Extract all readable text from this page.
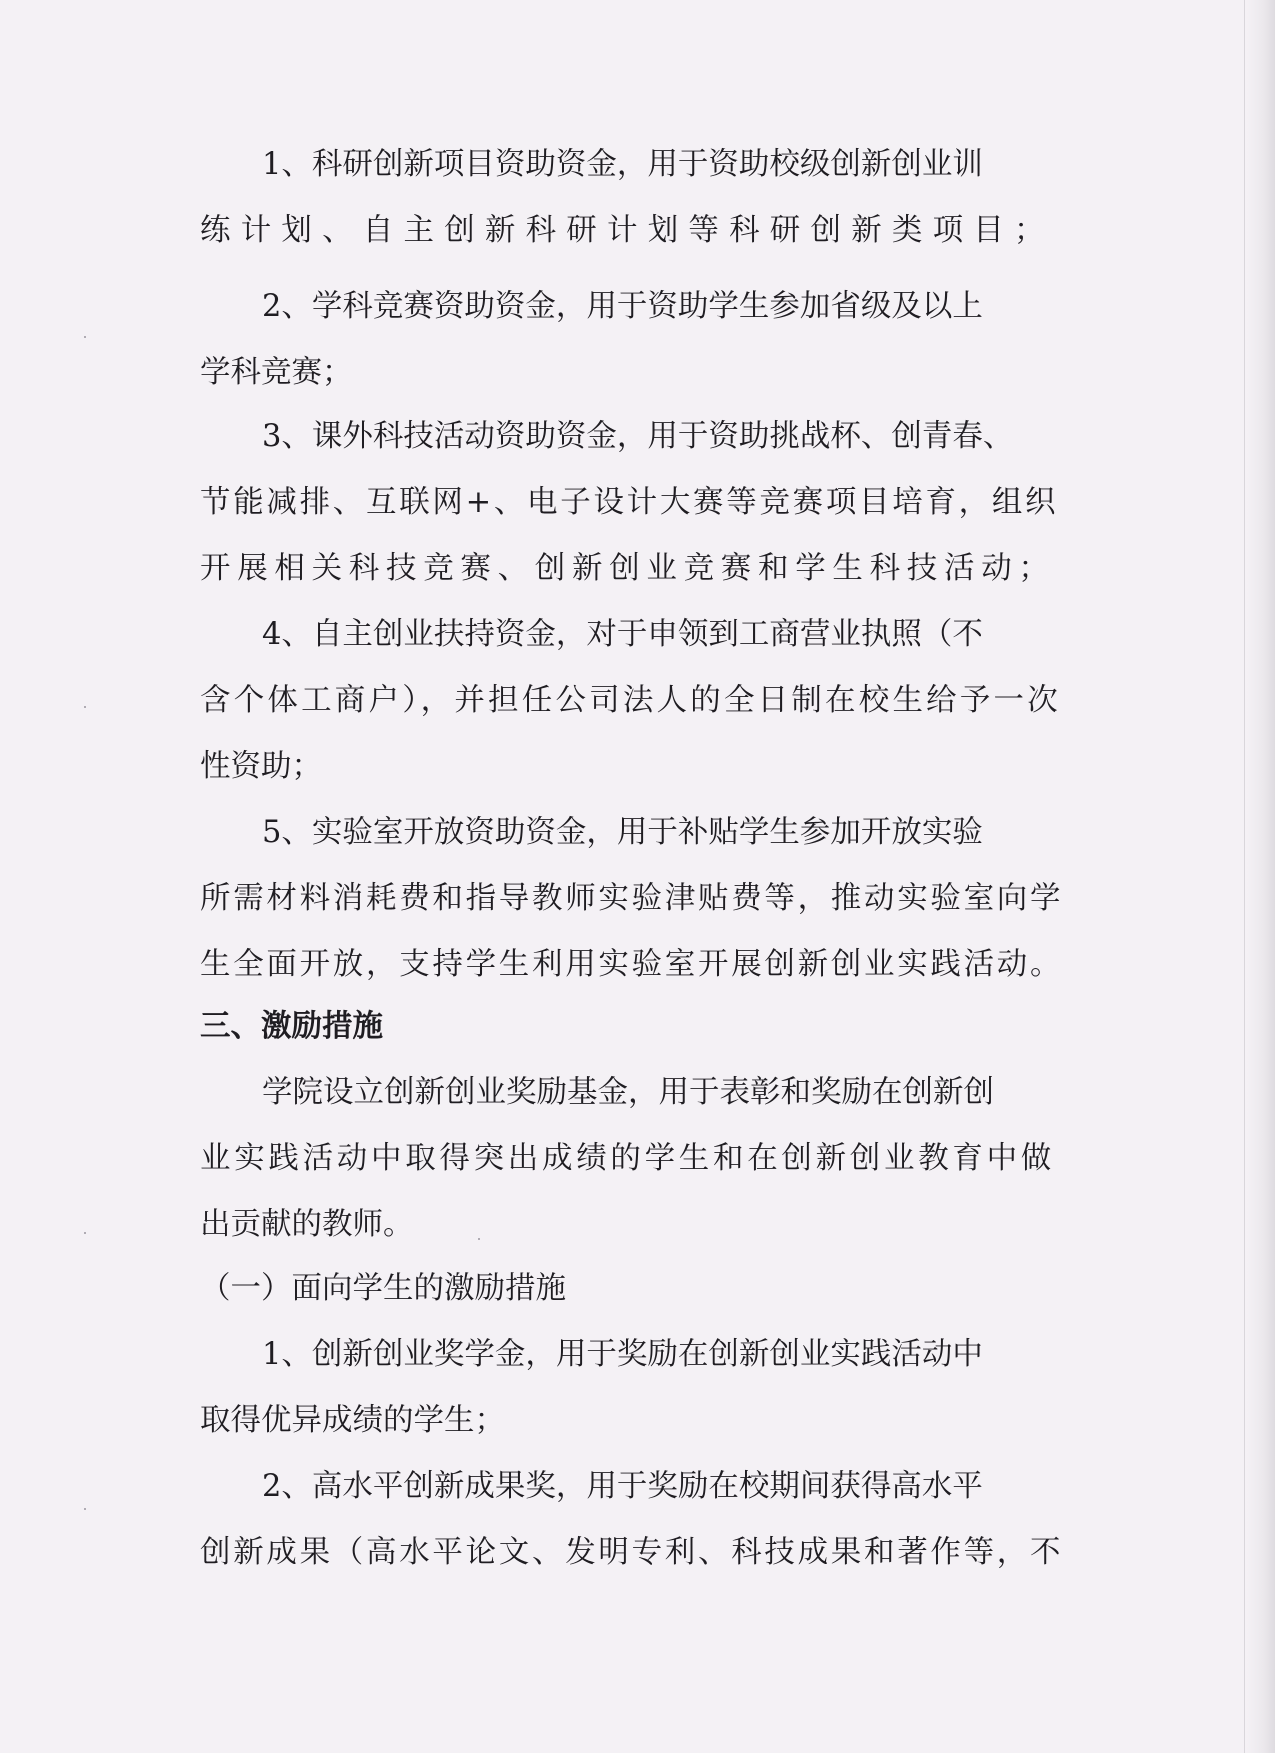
1、科研创新项目资助资金，用于资助校级创新创业训
练计划、自主创新科研计划等科研创新类项目；
2、学科竞赛资助资金，用于资助学生参加省级及以上
学科竞赛；
3、课外科技活动资助资金，用于资助挑战杯、创青春、
节能减排、互联网+、电子设计大赛等竞赛项目培育，组织
开展相关科技竞赛、创新创业竞赛和学生科技活动；
4、自主创业扶持资金，对于申领到工商营业执照（不
含个体工商户），并担任公司法人的全日制在校生给予一次
性资助；
5、实验室开放资助资金，用于补贴学生参加开放实验
所需材料消耗费和指导教师实验津贴费等，推动实验室向学
生全面开放，支持学生利用实验室开展创新创业实践活动。
三、激励措施
学院设立创新创业奖励基金，用于表彰和奖励在创新创
业实践活动中取得突出成绩的学生和在创新创业教育中做
出贡献的教师。
（一）面向学生的激励措施
1、创新创业奖学金，用于奖励在创新创业实践活动中
取得优异成绩的学生；
2、高水平创新成果奖，用于奖励在校期间获得高水平
创新成果（高水平论文、发明专利、科技成果和著作等，不
